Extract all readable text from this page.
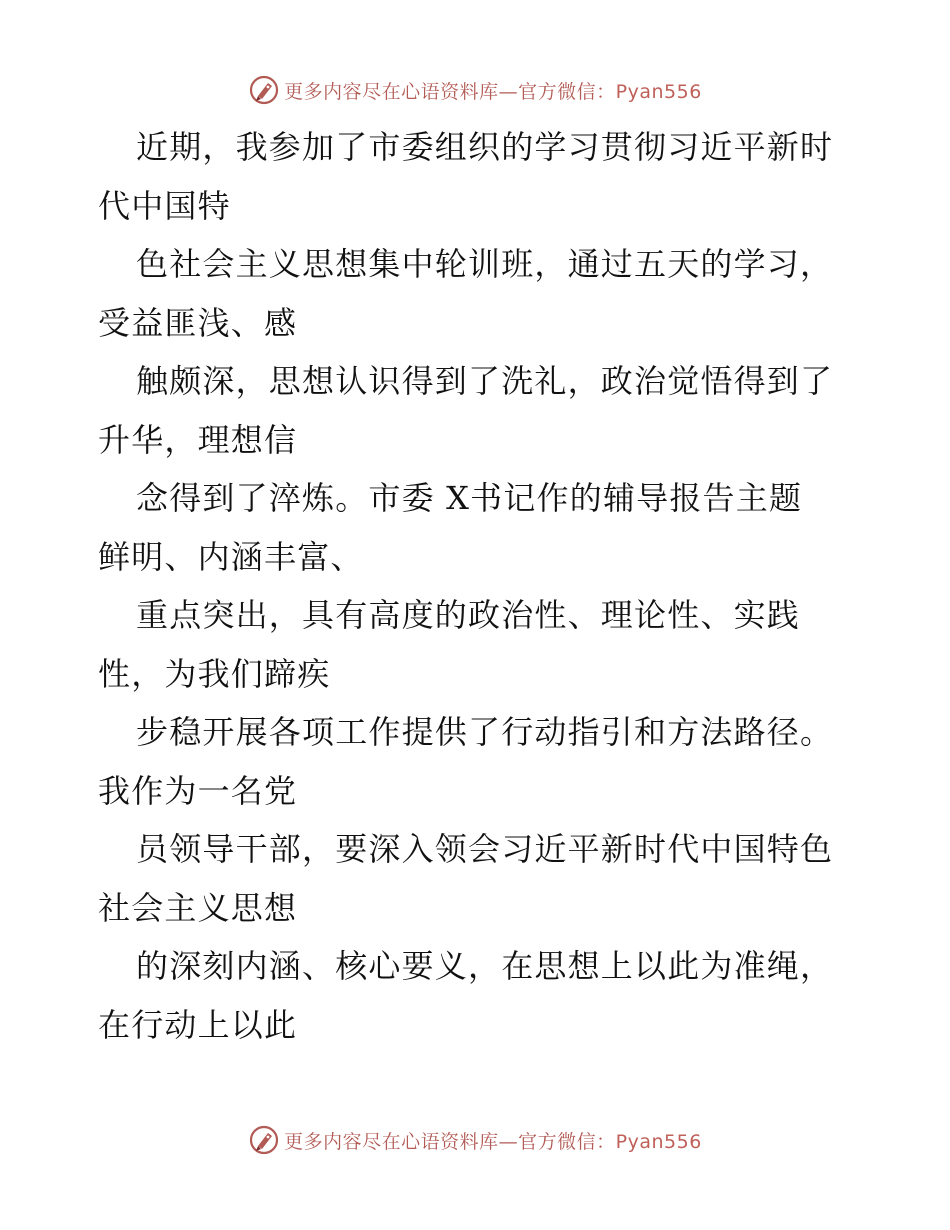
更多内容尽在心语资料库—官方微信：Pyan556
近期，我参加了市委组织的学习贯彻习近平新时
代中国特
色社会主义思想集中轮训班，通过五天的学习，
受益匪浅、感
触颇深，思想认识得到了洗礼，政治觉悟得到了
升华，理想信
念得到了淬炼。市委 X书记作的辅导报告主题
鲜明、内涵丰富、
重点突出，具有高度的政治性、理论性、实践
性，为我们蹄疾
步稳开展各项工作提供了行动指引和方法路径。
我作为一名党
员领导干部，要深入领会习近平新时代中国特色
社会主义思想
的深刻内涵、核心要义，在思想上以此为准绳，
在行动上以此
更多内容尽在心语资料库—官方微信：Pyan556
